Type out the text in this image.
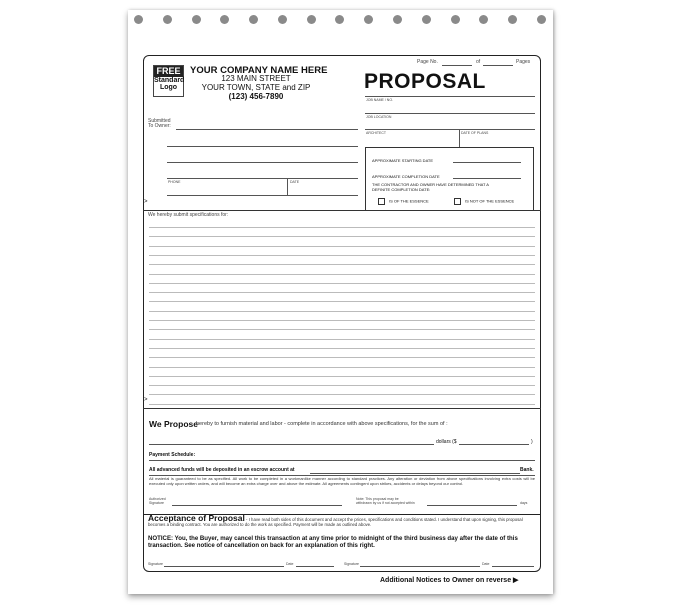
FREE
Standard
Logo
YOUR COMPANY NAME HERE
123 MAIN STREET
YOUR TOWN, STATE and ZIP
(123) 456-7890
Page No.	of	Pages
PROPOSAL
JOB NAME / NO.
JOB LOCATION
ARCHITECT	DATE OF PLANS
Submitted
To Owner:
PHONE	DATE
APPROXIMATE STARTING DATE
APPROXIMATE COMPLETION DATE
THE CONTRACTOR AND OWNER HAVE DETERMINED THAT A
DEFINITE COMPLETION DATE:
IS OF THE ESSENCE	IS NOT OF THE ESSENCE
>
We hereby submit specifications for:
>
We Propose
hereby to furnish material and labor - complete in accordance with above specifications, for the sum of :
dollars ($	)
Payment Schedule:
All advanced funds will be deposited in an escrow account at	Bank.
All material is guaranteed to be as specified. All work to be completed in a workmanlike manner according to standard practices. Any alteration or deviation from above specifications involving extra costs will be executed only upon written orders, and will become an extra charge over and above the estimate. All agreements contingent upon strikes, accidents or delays beyond our control.
Authorized
Signature
Note: This proposal may be
withdrawn by us if not accepted within	days
Acceptance of Proposal - I have read both sides of this document and accept the prices, specifications and conditions stated. I understand that upon signing, this proposal becomes a binding contract. You are authorized to do the work as specified. Payment will be made as outlined above.
NOTICE: You, the Buyer, may cancel this transaction at any time prior to midnight of the third business day after the date of this transaction. See notice of cancellation on back for an explanation of this right.
Signature	Date	Signature	Date
Additional Notices to Owner on reverse ▶
